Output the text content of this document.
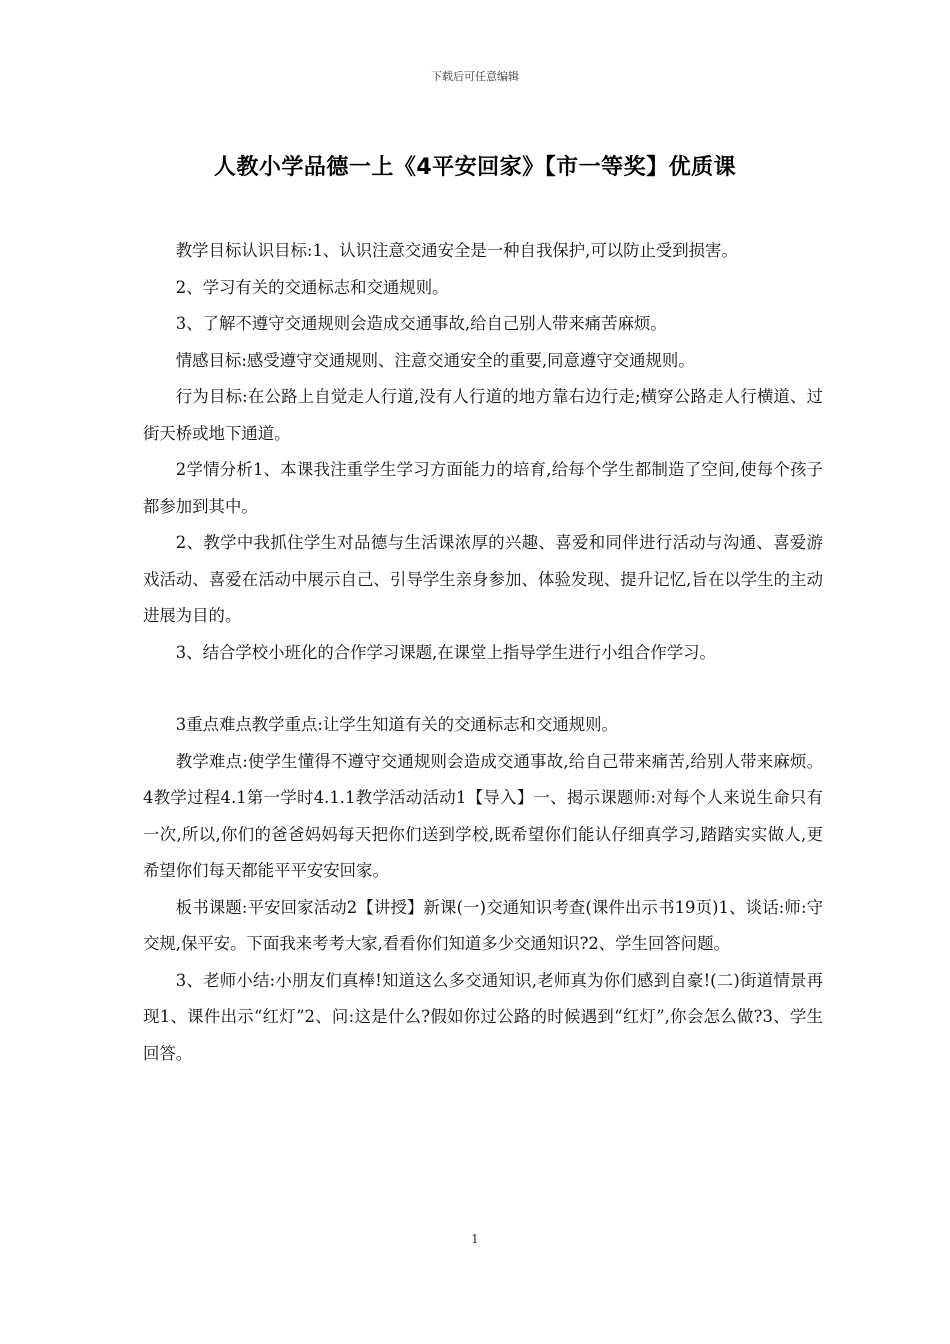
下载后可任意编辑
人教小学品德一上《4平安回家》【市一等奖】优质课

教学目标认识目标:1、认识注意交通安全是一种自我保护,可以防止受到损害。

2、学习有关的交通标志和交通规则。

3、了解不遵守交通规则会造成交通事故,给自己别人带来痛苦麻烦。

情感目标:感受遵守交通规则、注意交通安全的重要,同意遵守交通规则。

行为目标:在公路上自觉走人行道,没有人行道的地方靠右边行走;横穿公路走人行横道、过街天桥或地下通道。

2学情分析1、本课我注重学生学习方面能力的培育,给每个学生都制造了空间,使每个孩子都参加到其中。

2、教学中我抓住学生对品德与生活课浓厚的兴趣、喜爱和同伴进行活动与沟通、喜爱游戏活动、喜爱在活动中展示自己、引导学生亲身参加、体验发现、提升记忆,旨在以学生的主动进展为目的。

3、结合学校小班化的合作学习课题,在课堂上指导学生进行小组合作学习。

3重点难点教学重点:让学生知道有关的交通标志和交通规则。

教学难点:使学生懂得不遵守交通规则会造成交通事故,给自己带来痛苦,给别人带来麻烦。4教学过程4.1第一学时4.1.1教学活动活动1【导入】一、揭示课题师:对每个人来说生命只有一次,所以,你们的爸爸妈妈每天把你们送到学校,既希望你们能认仔细真学习,踏踏实实做人,更希望你们每天都能平平安安回家。

板书课题:平安回家活动2【讲授】新课(一)交通知识考查(课件出示书19页)1、谈话:师:守交规,保平安。下面我来考考大家,看看你们知道多少交通知识?2、学生回答问题。

3、老师小结:小朋友们真棒!知道这么多交通知识,老师真为你们感到自豪!(二)街道情景再现1、课件出示“红灯”2、问:这是什么?假如你过公路的时候遇到“红灯”,你会怎么做?3、学生回答。

1
